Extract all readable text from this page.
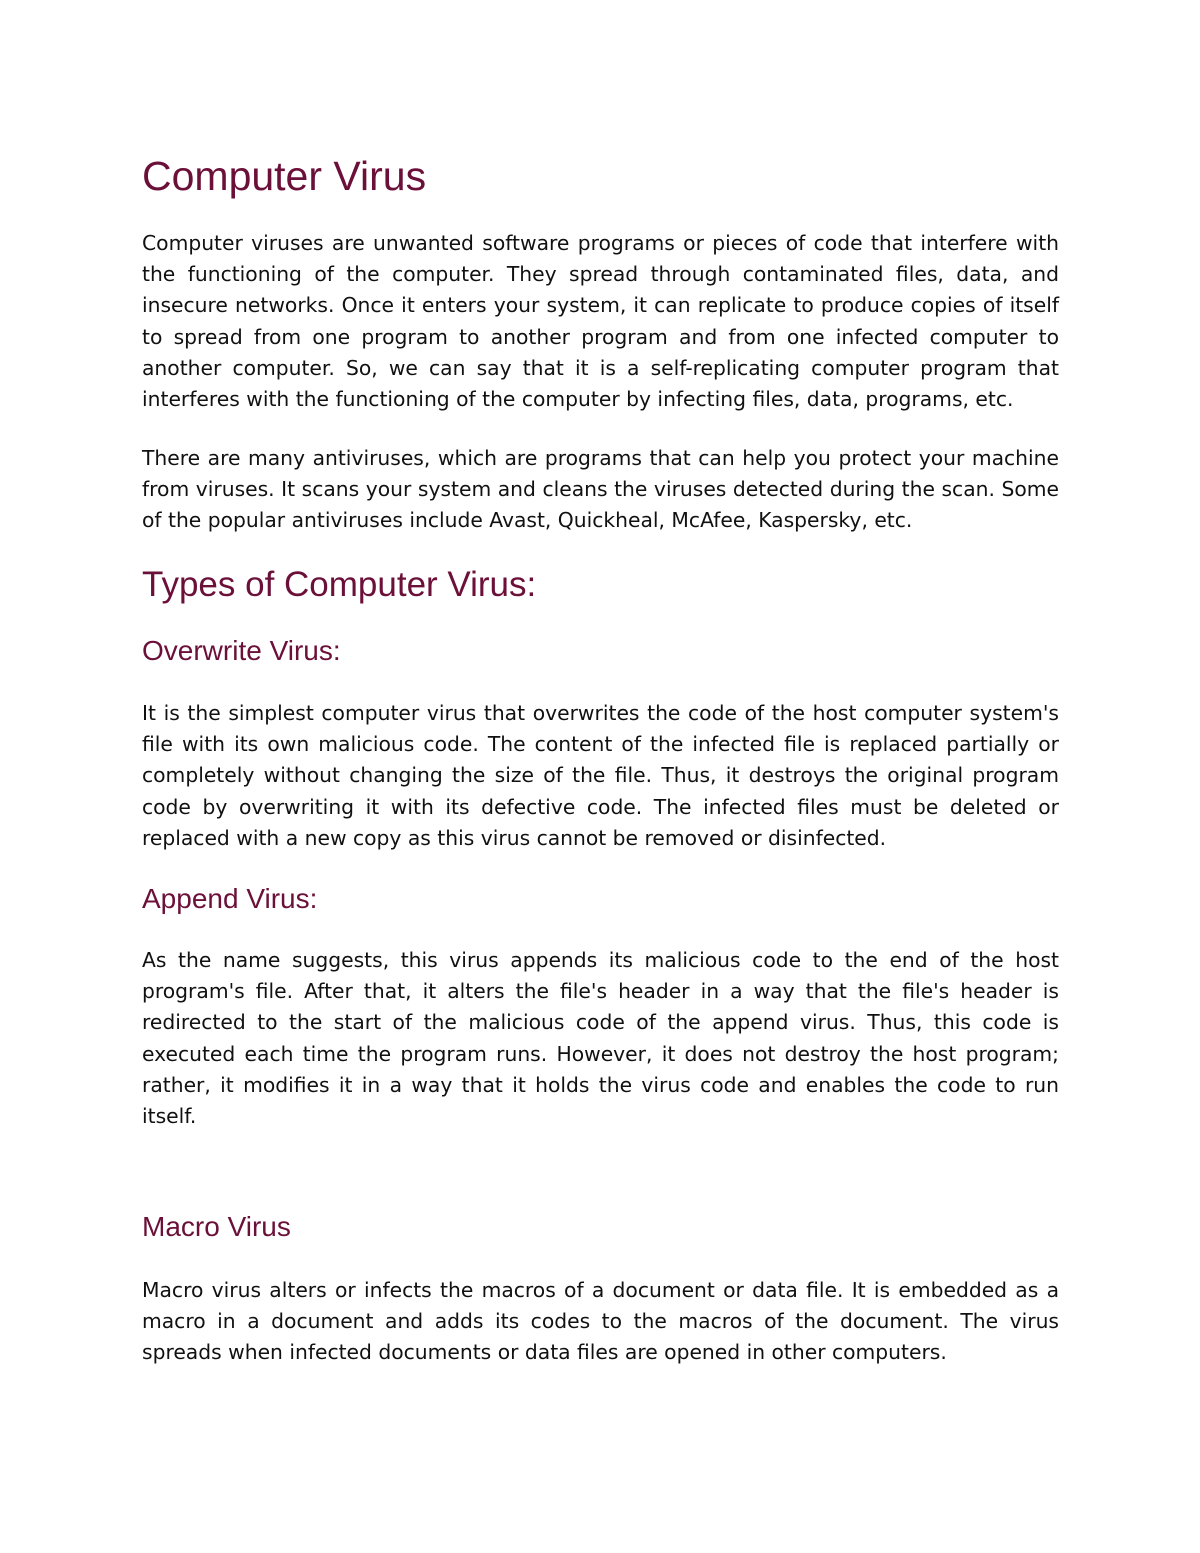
Computer Virus

Computer viruses are unwanted software programs or pieces of code that interfere with the functioning of the computer. They spread through contaminated files, data, and insecure networks. Once it enters your system, it can replicate to produce copies of itself to spread from one program to another program and from one infected computer to another computer. So, we can say that it is a self-replicating computer program that interferes with the functioning of the computer by infecting files, data, programs, etc.

There are many antiviruses, which are programs that can help you protect your machine from viruses. It scans your system and cleans the viruses detected during the scan. Some of the popular antiviruses include Avast, Quickheal, McAfee, Kaspersky, etc.

Types of Computer Virus:
Overwrite Virus:

It is the simplest computer virus that overwrites the code of the host computer system's file with its own malicious code. The content of the infected file is replaced partially or completely without changing the size of the file. Thus, it destroys the original program code by overwriting it with its defective code. The infected files must be deleted or replaced with a new copy as this virus cannot be removed or disinfected.

Append Virus:

As the name suggests, this virus appends its malicious code to the end of the host program's file. After that, it alters the file's header in a way that the file's header is redirected to the start of the malicious code of the append virus. Thus, this code is executed each time the program runs. However, it does not destroy the host program; rather, it modifies it in a way that it holds the virus code and enables the code to run itself.

Macro Virus

Macro virus alters or infects the macros of a document or data file. It is embedded as a macro in a document and adds its codes to the macros of the document. The virus spreads when infected documents or data files are opened in other computers.
